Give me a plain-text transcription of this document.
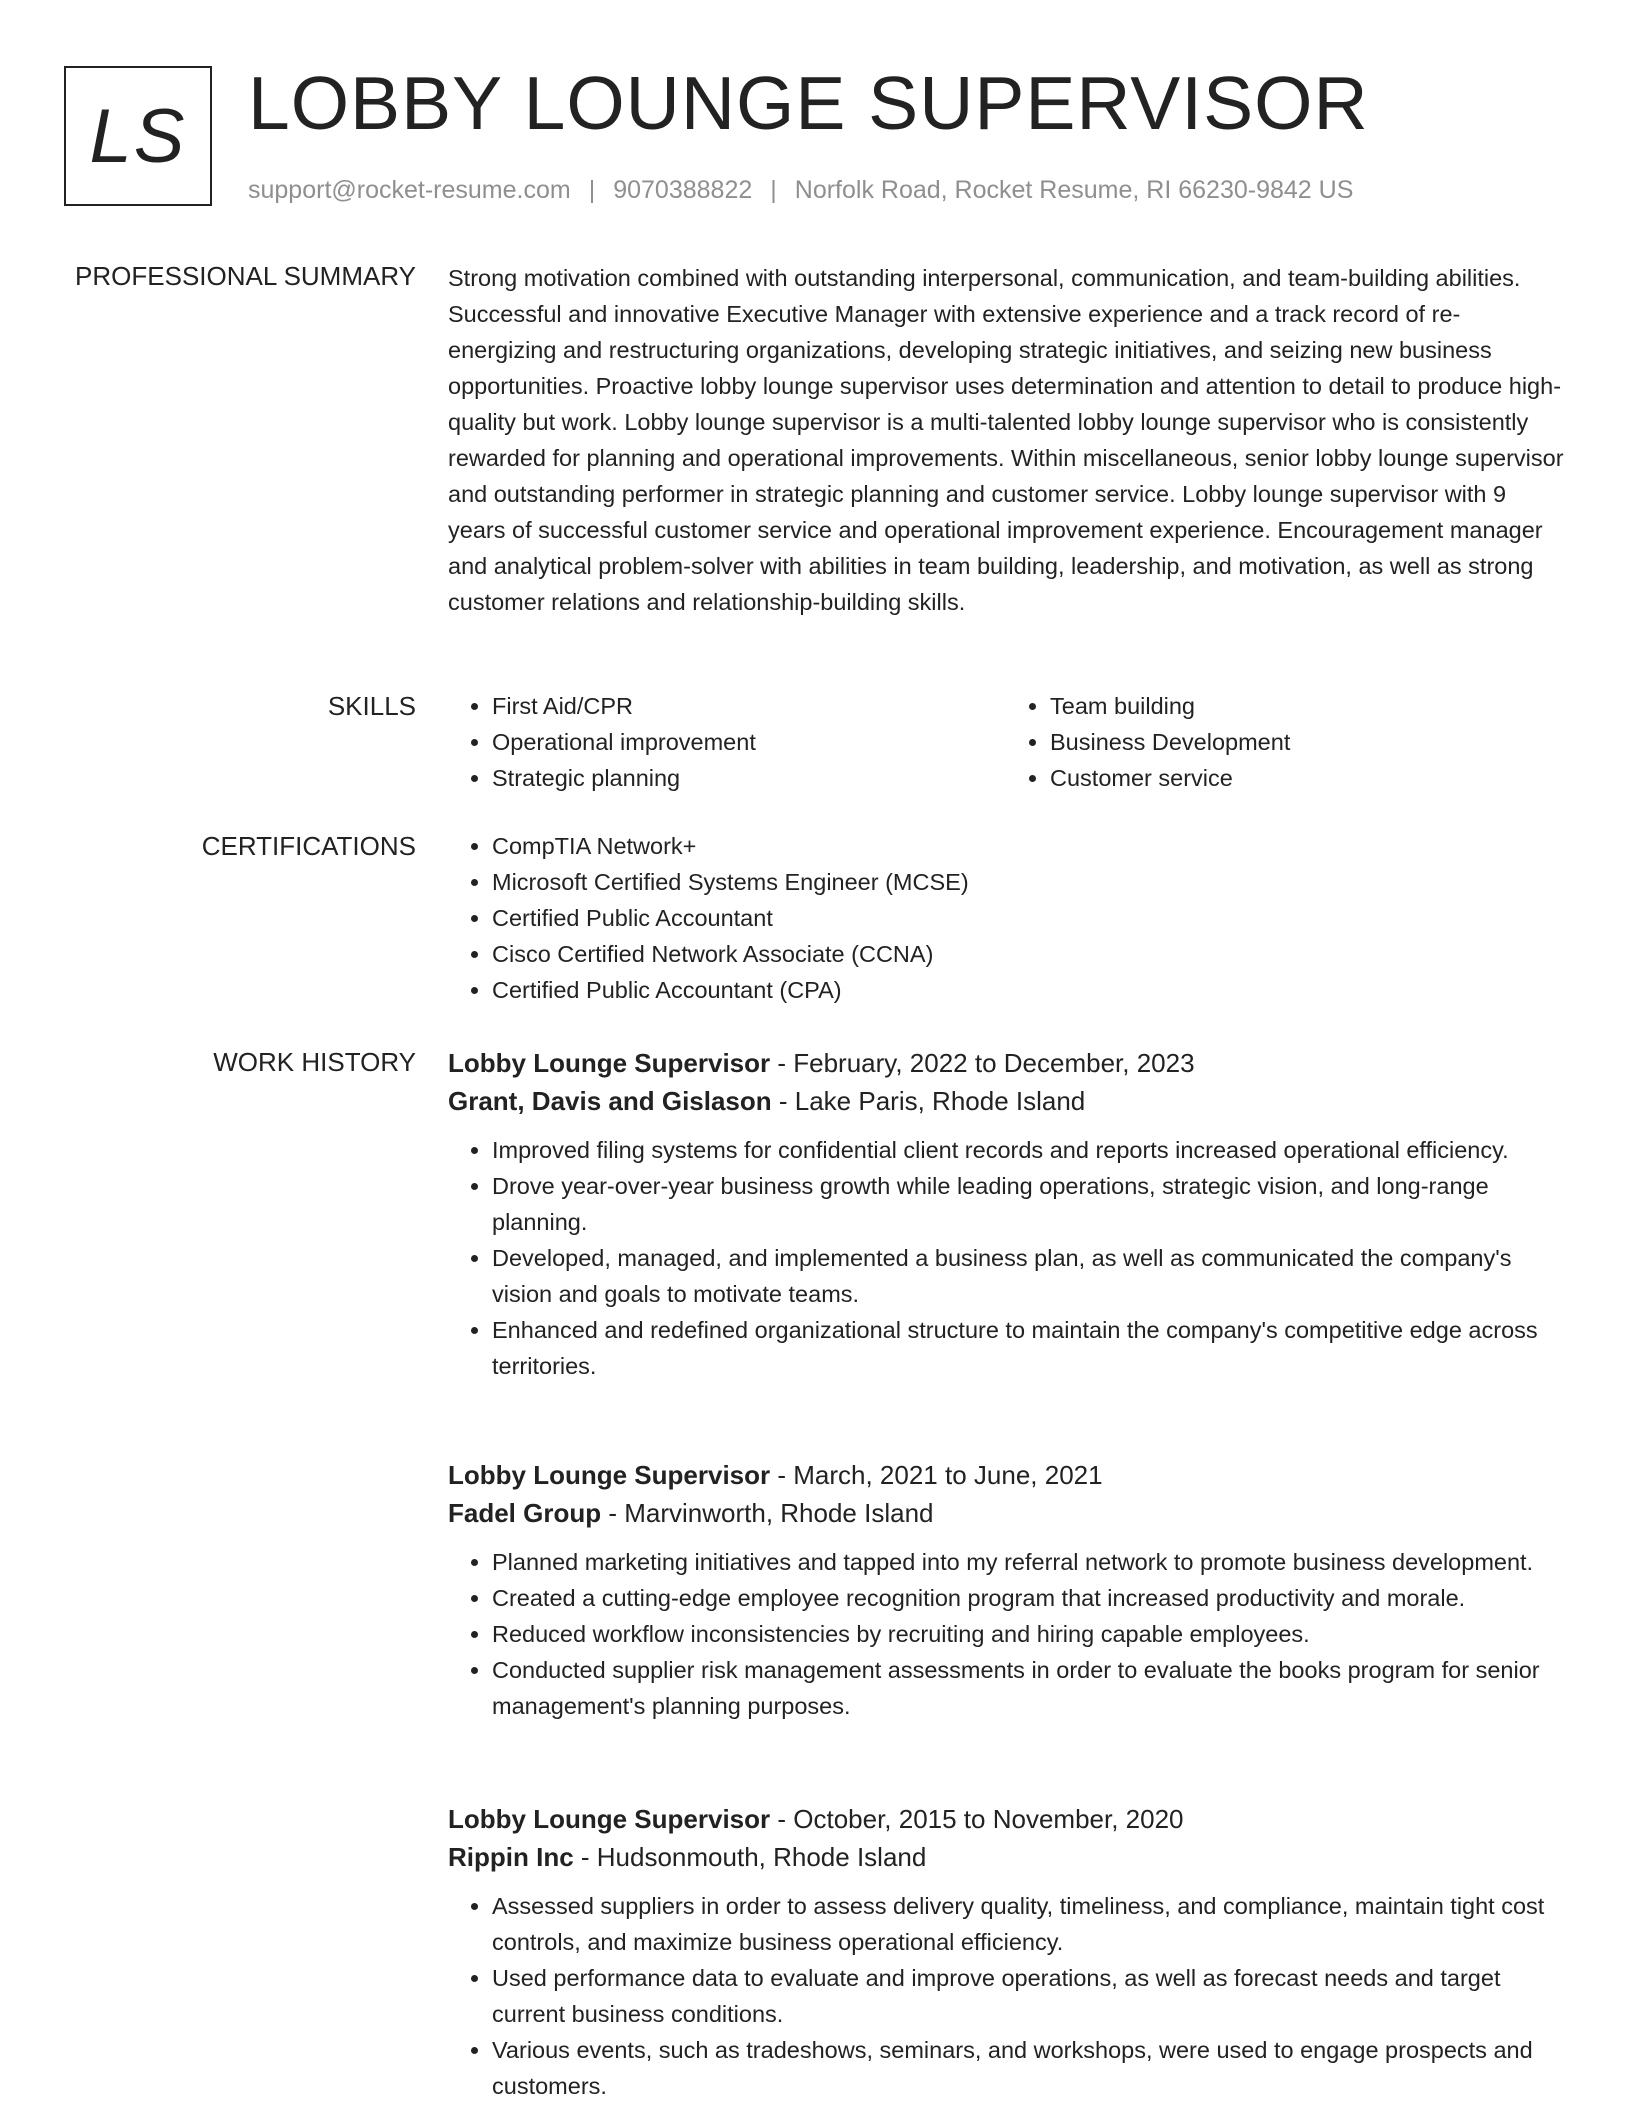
LS LOBBY LOUNGE SUPERVISOR
support@rocket-resume.com | 9070388822 | Norfolk Road, Rocket Resume, RI 66230-9842 US
PROFESSIONAL SUMMARY Strong motivation combined with outstanding interpersonal, communication, and team-building abilities. Successful and innovative Executive Manager with extensive experience and a track record of re-energizing and restructuring organizations, developing strategic initiatives, and seizing new business opportunities. Proactive lobby lounge supervisor uses determination and attention to detail to produce high-quality but work. Lobby lounge supervisor is a multi-talented lobby lounge supervisor who is consistently rewarded for planning and operational improvements. Within miscellaneous, senior lobby lounge supervisor and outstanding performer in strategic planning and customer service. Lobby lounge supervisor with 9 years of successful customer service and operational improvement experience. Encouragement manager and analytical problem-solver with abilities in team building, leadership, and motivation, as well as strong customer relations and relationship-building skills.

SKILLS	• First Aid/CPR
• Operational improvement
• Strategic planning
• Team building
• Business Development
• Customer service
CERTIFICATIONS	• CompTIA Network+
• Microsoft Certified Systems Engineer (MCSE)
• Certified Public Accountant
• Cisco Certified Network Associate (CCNA)
• Certified Public Accountant (CPA)
WORK HISTORY Lobby Lounge Supervisor - February, 2022 to December, 2023
Grant, Davis and Gislason - Lake Paris, Rhode Island
• Improved filing systems for confidential client records and reports increased operational efficiency.
• Drove year-over-year business growth while leading operations, strategic vision, and long-range planning.
• Developed, managed, and implemented a business plan, as well as communicated the company's vision and goals to motivate teams.
• Enhanced and redefined organizational structure to maintain the company's competitive edge across territories.
Lobby Lounge Supervisor - March, 2021 to June, 2021
Fadel Group - Marvinworth, Rhode Island
• Planned marketing initiatives and tapped into my referral network to promote business development.
• Created a cutting-edge employee recognition program that increased productivity and morale.
• Reduced workflow inconsistencies by recruiting and hiring capable employees.
• Conducted supplier risk management assessments in order to evaluate the books program for senior management's planning purposes.
Lobby Lounge Supervisor - October, 2015 to November, 2020
Rippin Inc - Hudsonmouth, Rhode Island
• Assessed suppliers in order to assess delivery quality, timeliness, and compliance, maintain tight cost controls, and maximize business operational efficiency.
• Used performance data to evaluate and improve operations, as well as forecast needs and target current business conditions.
• Various events, such as tradeshows, seminars, and workshops, were used to engage prospects and customers.
